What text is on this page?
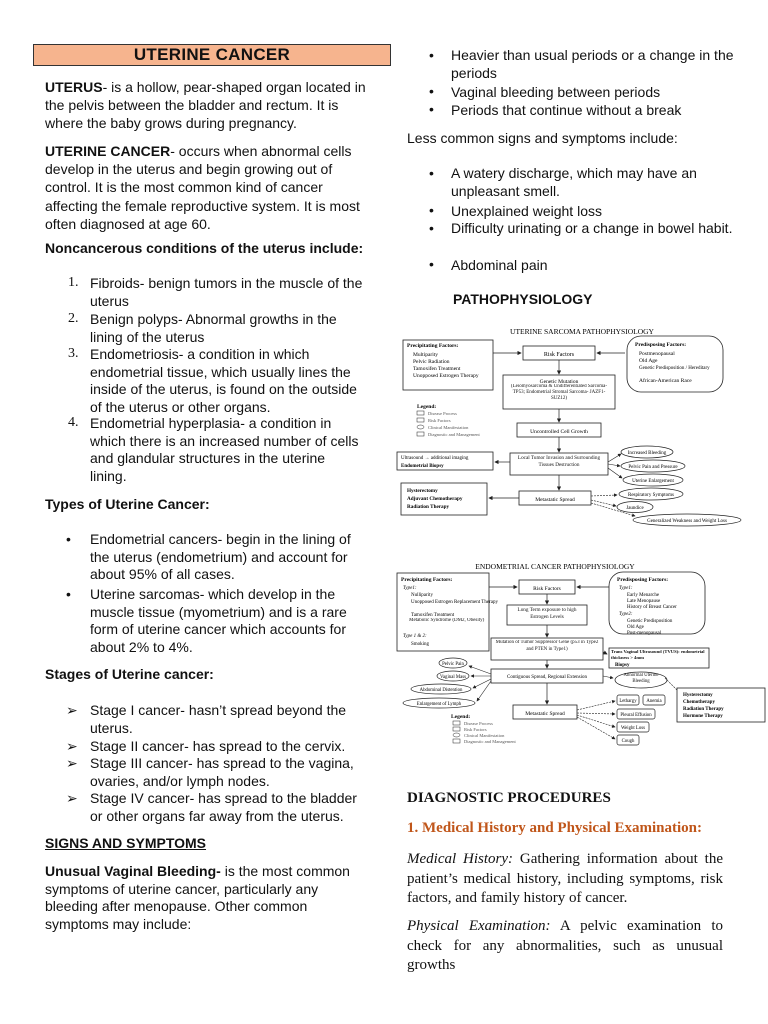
UTERINE CANCER

UTERUS- is a hollow, pear-shaped organ located in the pelvis between the bladder and rectum. It is where the baby grows during pregnancy.

UTERINE CANCER- occurs when abnormal cells develop in the uterus and begin growing out of control. It is the most common kind of cancer affecting the female reproductive system. It is most often diagnosed at age 60.

Noncancerous conditions of the uterus include:

1. Fibroids- benign tumors in the muscle of the uterus

2. Benign polyps- Abnormal growths in the lining of the uterus

3. Endometriosis- a condition in which endometrial tissue, which usually lines the inside of the uterus, is found on the outside of the uterus or other organs.

4. Endometrial hyperplasia- a condition in which there is an increased number of cells and glandular structures in the uterine lining.

Types of Uterine Cancer:

• Endometrial cancers- begin in the lining of the uterus (endometrium) and account for about 95% of all cases.

• Uterine sarcomas- which develop in the muscle tissue (myometrium) and is a rare form of uterine cancer which accounts for about 2% to 4%.

Stages of Uterine cancer:

➢ Stage I cancer- hasn’t spread beyond the uterus.

➢ Stage II cancer- has spread to the cervix.

➢ Stage III cancer- has spread to the vagina, ovaries, and/or lymph nodes.

➢ Stage IV cancer- has spread to the bladder or other organs far away from the uterus.

SIGNS AND SYMPTOMS

Unusual Vaginal Bleeding- is the most common symptoms of uterine cancer, particularly any bleeding after menopause. Other common symptoms may include:

• Heavier than usual periods or a change in the periods

• Vaginal bleeding between periods

• Periods that continue without a break

Less common signs and symptoms include:

• A watery discharge, which may have an unpleasant smell.

• Unexplained weight loss

• Difficulty urinating or a change in bowel habit.

• Abdominal pain

PATHOPHYSIOLOGY

UTERINE SARCOMA PATHOPHYSIOLOGY
Precipitating Factors:
Multiparity
Pelvic Radiation
Tamoxifen Treatment
Unopposed Estrogen Therapy
Risk Factors
Predisposing Factors:
Postmenopausal
Old Age
Genetic Predisposition / Hereditary
African-American Race
Genetic Mutation
(Leiomyosarcoma & Undifferentiated Sarcoma- TP53; Endometrial Stromal Sarcoma- JAZF1-SUZ12)
Legend:
Disease Process
Risk Factors
Clinical Manifestation
Diagnostic and Management	Uncontrolled Cell Growth
Ultrasound → additional imaging
Endometrial Biopsy
Local Tumor Invasion and Surrounding Tissues Destruction
Increased Bleeding
Pelvic Pain and Pressure
Uterine Enlargement
Hysterectomy
Adjuvant Chemotherapy
Radiation Therapy
Metastatic Spread
Respiratory Symptoms
Jaundice
Generalized Weakness and Weight Loss
ENDOMETRIAL CANCER PATHOPHYSIOLOGY
Precipitating Factors:
Type1:
Nulliparity
Unopposed Estrogen Replacement Therapy
Tamoxifen Treatment
Metabolic Syndrome (DM2, Obesity)
Type 1 & 2:
Smoking
Risk Factors
Predisposing Factors:
Type1:
Early Menarche
Late Menopause
History of Breast Cancer
Type2:
Genetic Predisposition
Old Age
Post-menopausal
Long Term exposure to high Estrogen Levels
Mutation of Tumor Suppressor Gene (p53 in Type2 and PTEN in Type1)	Trans Vaginal Ultrasound (TVUS): endometrial thickness > 4mm
Biopsy
Pelvic Pain
Vaginal Mass
Abdominal Distention
Enlargement of Lymph
Contiguous Spread, Regional Extension	Abnormal Uterine Bleeding
Hysterectomy
Chemotherapy
Radiation Therapy
Hormone Therapy
Metastatic Spread
Lethargy Anemia
Pleural Effusion
Weight Loss
Cough
Legend:
Disease Process
Risk Factors
Clinical Manifestation
Diagnostic and Management

DIAGNOSTIC PROCEDURES

1. Medical History and Physical Examination:

Medical History: Gathering information about the patient’s medical history, including symptoms, risk factors, and family history of cancer.

Physical Examination: A pelvic examination to check for any abnormalities, such as unusual growths
